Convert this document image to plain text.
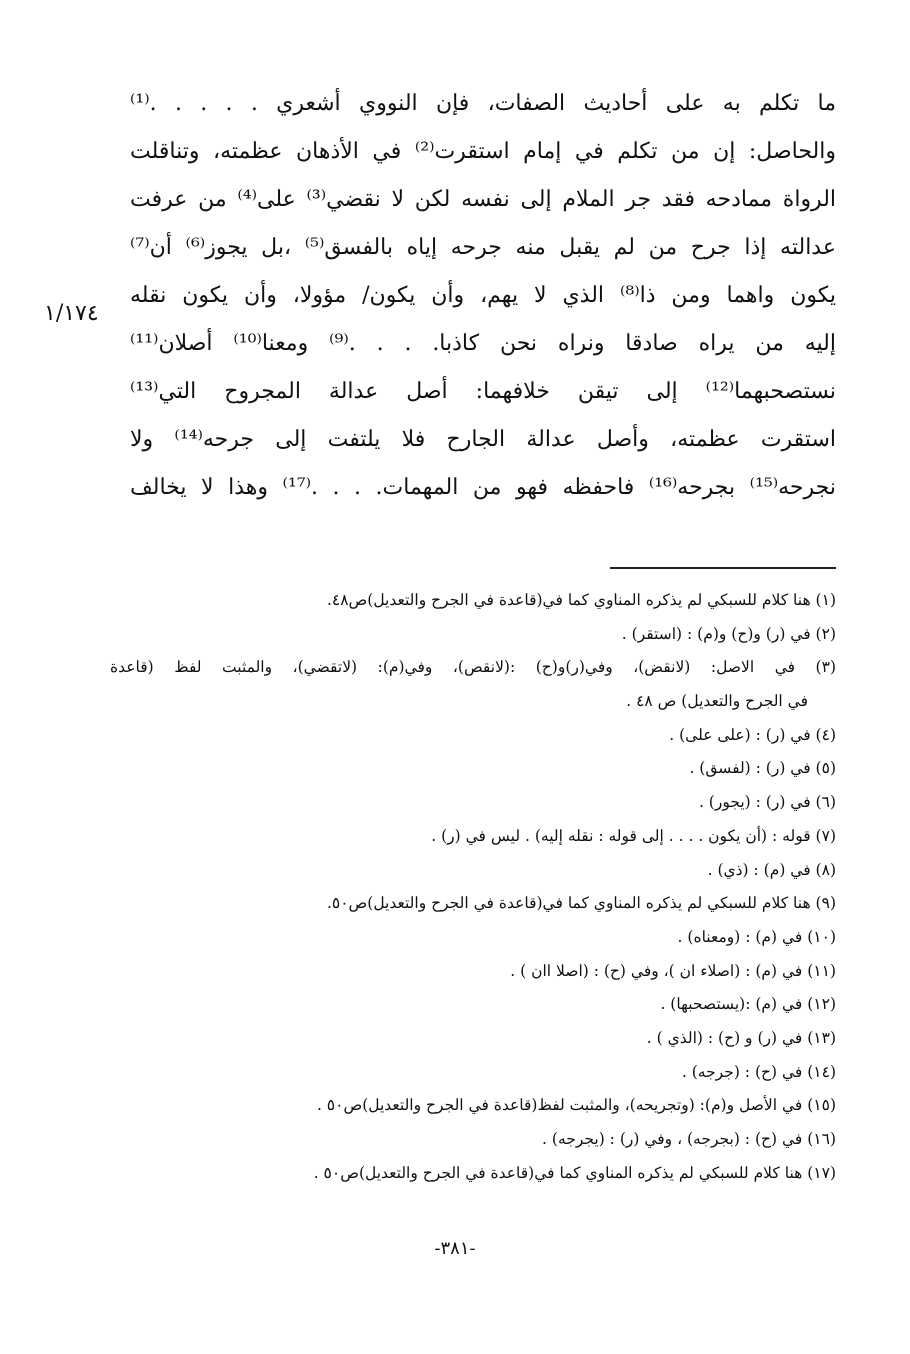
ما تكلم به على أحاديث الصفات، فإن النووي أشعري . . . . .⁽¹⁾
والحاصل: إن من تكلم في إمام استقرت⁽²⁾ في الأذهان عظمته، وتناقلت
الرواة ممادحه فقد جر الملام إلى نفسه لكن لا نقضي⁽³⁾ على⁽⁴⁾ من عرفت
عدالته إذا جرح من لم يقبل منه جرحه إياه بالفسق⁽⁵⁾ ،بل يجوز⁽⁶⁾ أن⁽⁷⁾
يكون واهما ومن ذا⁽⁸⁾ الذي لا يهم، وأن يكون/ مؤولا، وأن يكون نقله
إليه من يراه صادقا ونراه نحن كاذبا. . . .⁽⁹⁾ ومعنا⁽¹⁰⁾ أصلان⁽¹¹⁾
نستصحبهما⁽¹²⁾ إلى تيقن خلافهما: أصل عدالة المجروح التي⁽¹³⁾
استقرت عظمته، وأصل عدالة الجارح فلا يلتفت إلى جرحه⁽¹⁴⁾ ولا
نجرحه⁽¹⁵⁾ بجرحه⁽¹⁶⁾ فاحفظه فهو من المهمات. . . .⁽¹⁷⁾ وهذا لا يخالف
١/١٧٤
(١) هنا كلام للسبكي لم يذكره المناوي كما في(قاعدة في الجرح والتعديل)ص٤٨.
(٢) في (ر) و(ح) و(م) : (استقر) .
(٣) في الاصل: (لانقض)، وفي(ر)و(ح) :(لانقص)، وفي(م): (لاتقضي)، والمثبت لفظ (قاعدة
في الجرح والتعديل) ص ٤٨ .
(٤) في (ر) : (على على) .
(٥) في (ر) : (لفسق) .
(٦) في (ر) : (يجور) .
(٧) قوله : (أن يكون . . . . إلى قوله : نقله إليه) . ليس في (ر) .
(٨) في (م) : (ذي) .
(٩) هنا كلام للسبكي لم يذكره المناوي كما في(قاعدة في الجرح والتعديل)ص٥٠.
(١٠) في (م) : (ومعناه) .
(١١) في (م) : (اصلاء ان )، وفي (ح) : (اصلا اان ) .
(١٢) في (م) :(يستصحبها) .
(١٣) في (ر) و (ح) : (الذي ) .
(١٤) في (ح) : (جرجه) .
(١٥) في الأصل و(م): (وتجريحه)، والمثبت لفظ(قاعدة في الجرح والتعديل)ص٥٠ .
(١٦) في (ح) : (بجرجه) ، وفي (ر) : (يجرجه) .
(١٧) هنا كلام للسبكي لم يذكره المناوي كما في(قاعدة في الجرح والتعديل)ص٥٠ .
-٣٨١-
